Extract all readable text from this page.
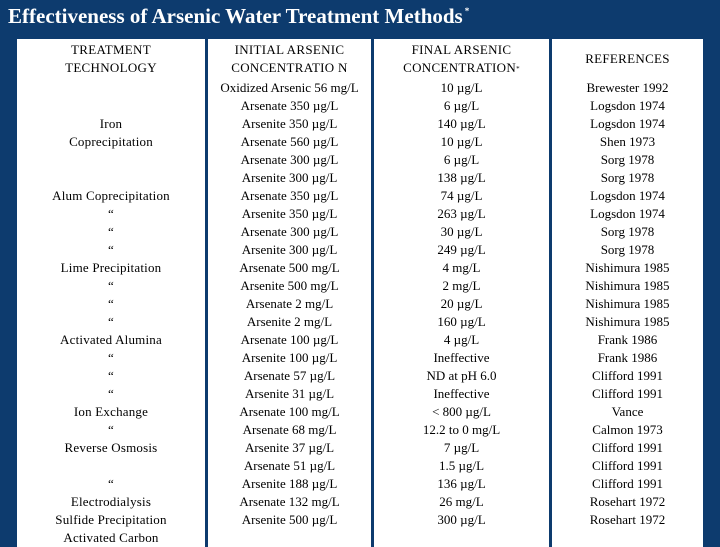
Effectiveness of Arsenic Water Treatment Methods *
TREATMENT
TECHNOLOGY
Iron
Coprecipitation
Alum Coprecipitation
“
“
“
Lime Precipitation
“
“
“
Activated Alumina
“
“
“
Ion Exchange
“
Reverse Osmosis
“
Electrodialysis
Sulfide Precipitation
Activated Carbon
INITIAL ARSENIC
CONCENTRATIO N
Oxidized Arsenic 56 mg/L
Arsenate 350 µg/L
Arsenite 350 µg/L
Arsenate 560 µg/L
Arsenate 300 µg/L
Arsenite 300 µg/L
Arsenate 350 µg/L
Arsenite 350 µg/L
Arsenate 300 µg/L
Arsenite 300 µg/L
Arsenate 500 mg/L
Arsenite 500 mg/L
Arsenate 2 mg/L
Arsenite 2 mg/L
Arsenate 100 µg/L
Arsenite 100 µg/L
Arsenate 57 µg/L
Arsenite 31 µg/L
Arsenate 100 mg/L
Arsenate 68 mg/L
Arsenite 37 µg/L
Arsenate 51 µg/L
Arsenite 188 µg/L
Arsenate 132 mg/L
Arsenite 500 µg/L
FINAL ARSENIC
CONCENTRATION*
10 µg/L
6 µg/L
140 µg/L
10 µg/L
6 µg/L
138 µg/L
74 µg/L
263 µg/L
30 µg/L
249 µg/L
4 mg/L
2 mg/L
20 µg/L
160 µg/L
4 µg/L
Ineffective
ND at pH 6.0
Ineffective
< 800 µg/L
12.2 to 0 mg/L
7 µg/L
1.5 µg/L
136 µg/L
26 mg/L
300 µg/L
REFERENCES
Brewester 1992
Logsdon 1974
Logsdon 1974
Shen 1973
Sorg 1978
Sorg 1978
Logsdon 1974
Logsdon 1974
Sorg 1978
Sorg 1978
Nishimura 1985
Nishimura 1985
Nishimura 1985
Nishimura 1985
Frank 1986
Frank 1986
Clifford 1991
Clifford 1991
Vance
Calmon 1973
Clifford 1991
Clifford 1991
Clifford 1991
Rosehart 1972
Rosehart 1972
